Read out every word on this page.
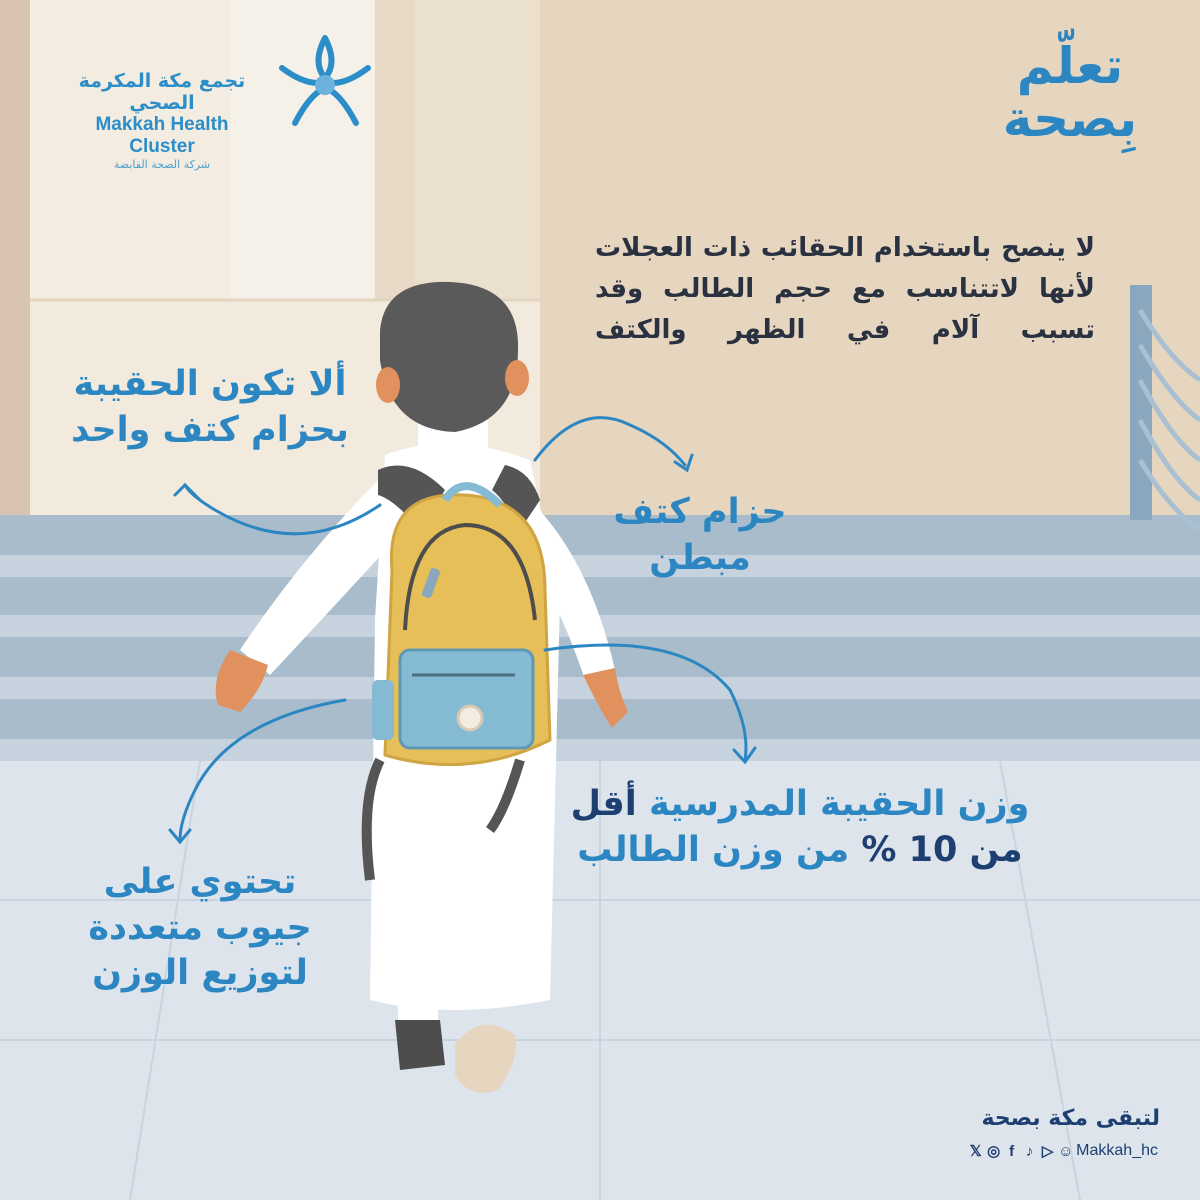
تجمع مكة المكرمة الصحي
Makkah Health Cluster
شركة الصحة القابضة
تعلّم
بِصحة
لا ينصح باستخدام الحقائب ذات العجلات
لأنها لاتتناسب مع حجم الطالب وقد
تسبب آلام في الظهر والكتف
ألا تكون الحقيبة
بحزام كتف واحد
حزام كتف
مبطن
وزن الحقيبة المدرسية أقل
من 10 % من وزن الطالب
تحتوي على
جيوب متعددة
لتوزيع الوزن
لتبقى مكة بصحة
𝕏 ◎ f ♪ ▷ ☺ Makkah_hc
